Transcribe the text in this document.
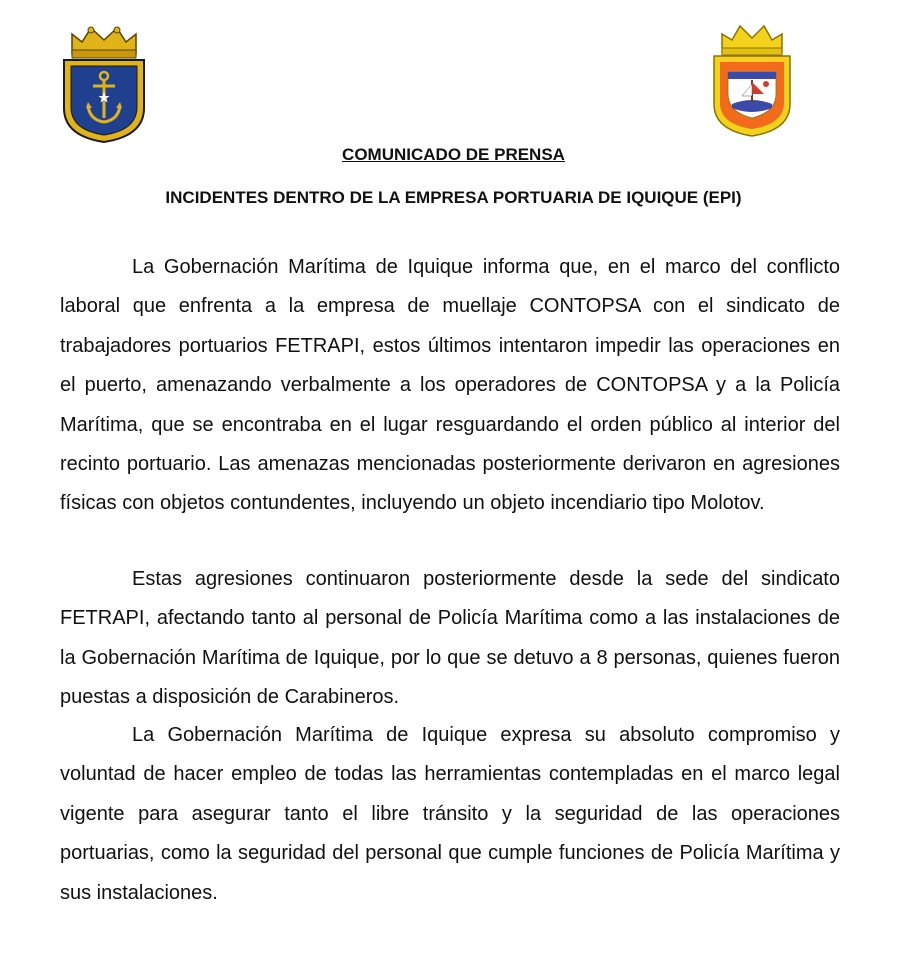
COMUNICADO DE PRENSA
INCIDENTES DENTRO DE LA EMPRESA PORTUARIA DE IQUIQUE (EPI)

La Gobernación Marítima de Iquique informa que, en el marco del conflicto laboral que enfrenta a la empresa de muellaje CONTOPSA con el sindicato de trabajadores portuarios FETRAPI, estos últimos intentaron impedir las operaciones en el puerto, amenazando verbalmente a los operadores de CONTOPSA y a la Policía Marítima, que se encontraba en el lugar resguardando el orden público al interior del recinto portuario. Las amenazas mencionadas posteriormente derivaron en agresiones físicas con objetos contundentes, incluyendo un objeto incendiario tipo Molotov.

Estas agresiones continuaron posteriormente desde la sede del sindicato FETRAPI, afectando tanto al personal de Policía Marítima como a las instalaciones de la Gobernación Marítima de Iquique, por lo que se detuvo a 8 personas, quienes fueron puestas a disposición de Carabineros.

La Gobernación Marítima de Iquique expresa su absoluto compromiso y voluntad de hacer empleo de todas las herramientas contempladas en el marco legal vigente para asegurar tanto el libre tránsito y la seguridad de las operaciones portuarias, como la seguridad del personal que cumple funciones de Policía Marítima y sus instalaciones.
